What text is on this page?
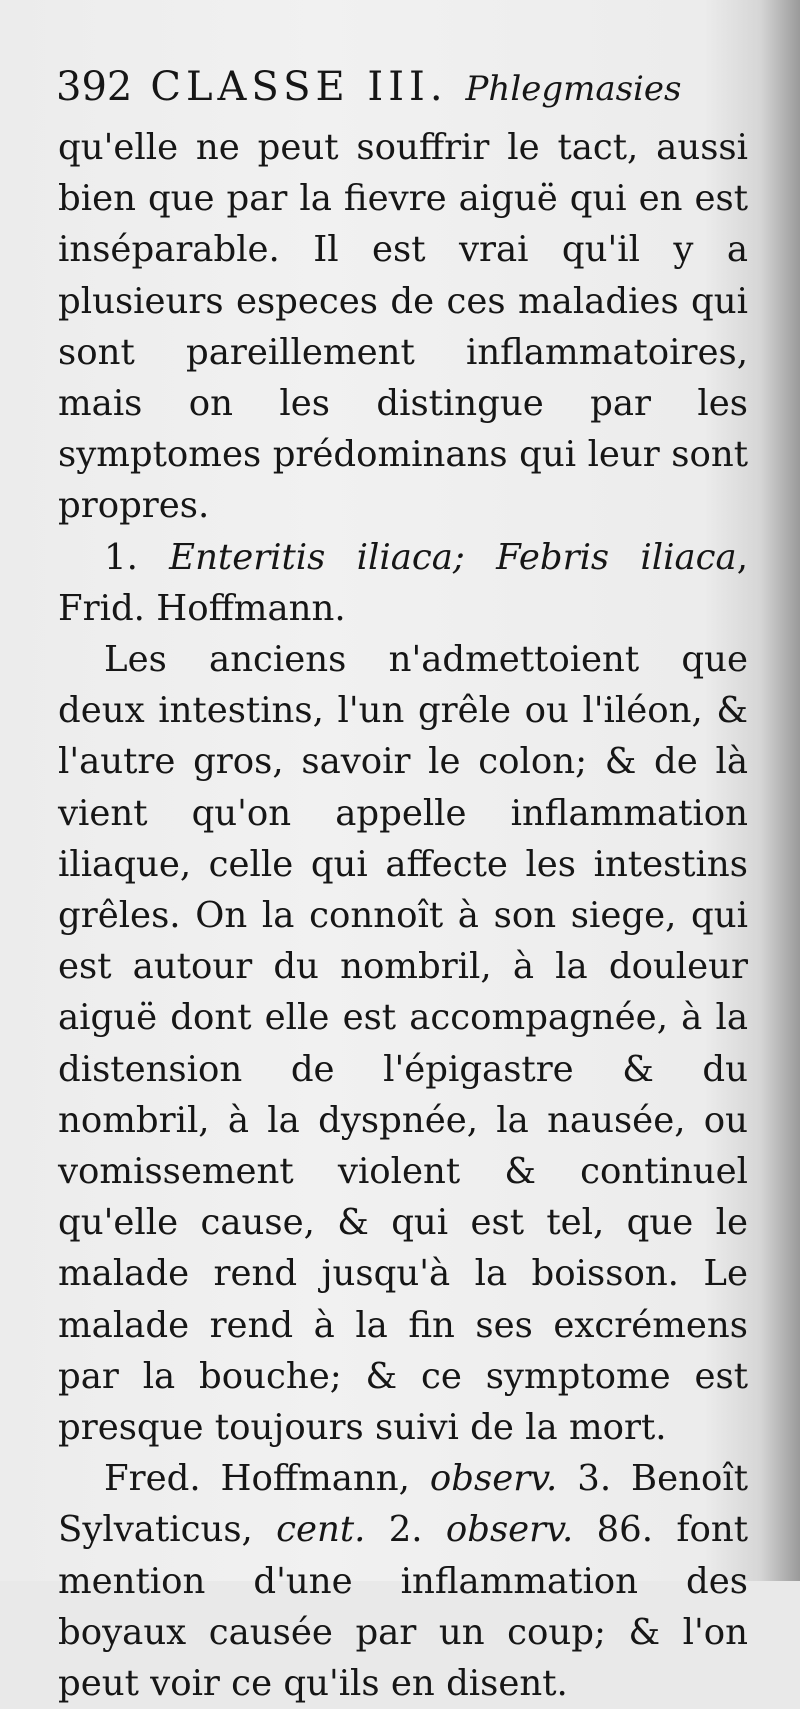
392 CLASSE III. Phlegmasies

qu'elle ne peut souffrir le tact, aussi bien que par la fievre aiguë qui en est inséparable. Il est vrai qu'il y a plusieurs especes de ces maladies qui sont pareillement inflammatoires, mais on les distingue par les symptomes prédominans qui leur sont propres.

1. Enteritis iliaca; Febris iliaca, Frid. Hoffmann.

Les anciens n'admettoient que deux intestins, l'un grêle ou l'iléon, & l'autre gros, savoir le colon; & de là vient qu'on appelle inflammation iliaque, celle qui affecte les intestins grêles. On la connoît à son siege, qui est autour du nombril, à la douleur aiguë dont elle est accompagnée, à la distension de l'épigastre & du nombril, à la dyspnée, la nausée, ou vomissement violent & continuel qu'elle cause, & qui est tel, que le malade rend jusqu'à la boisson. Le malade rend à la fin ses excrémens par la bouche; & ce symptome est presque toujours suivi de la mort.

Fred. Hoffmann, observ. 3. Benoît Sylvaticus, cent. 2. observ. 86. font mention d'une inflammation des boyaux causée par un coup; & l'on peut voir ce qu'ils en disent.
